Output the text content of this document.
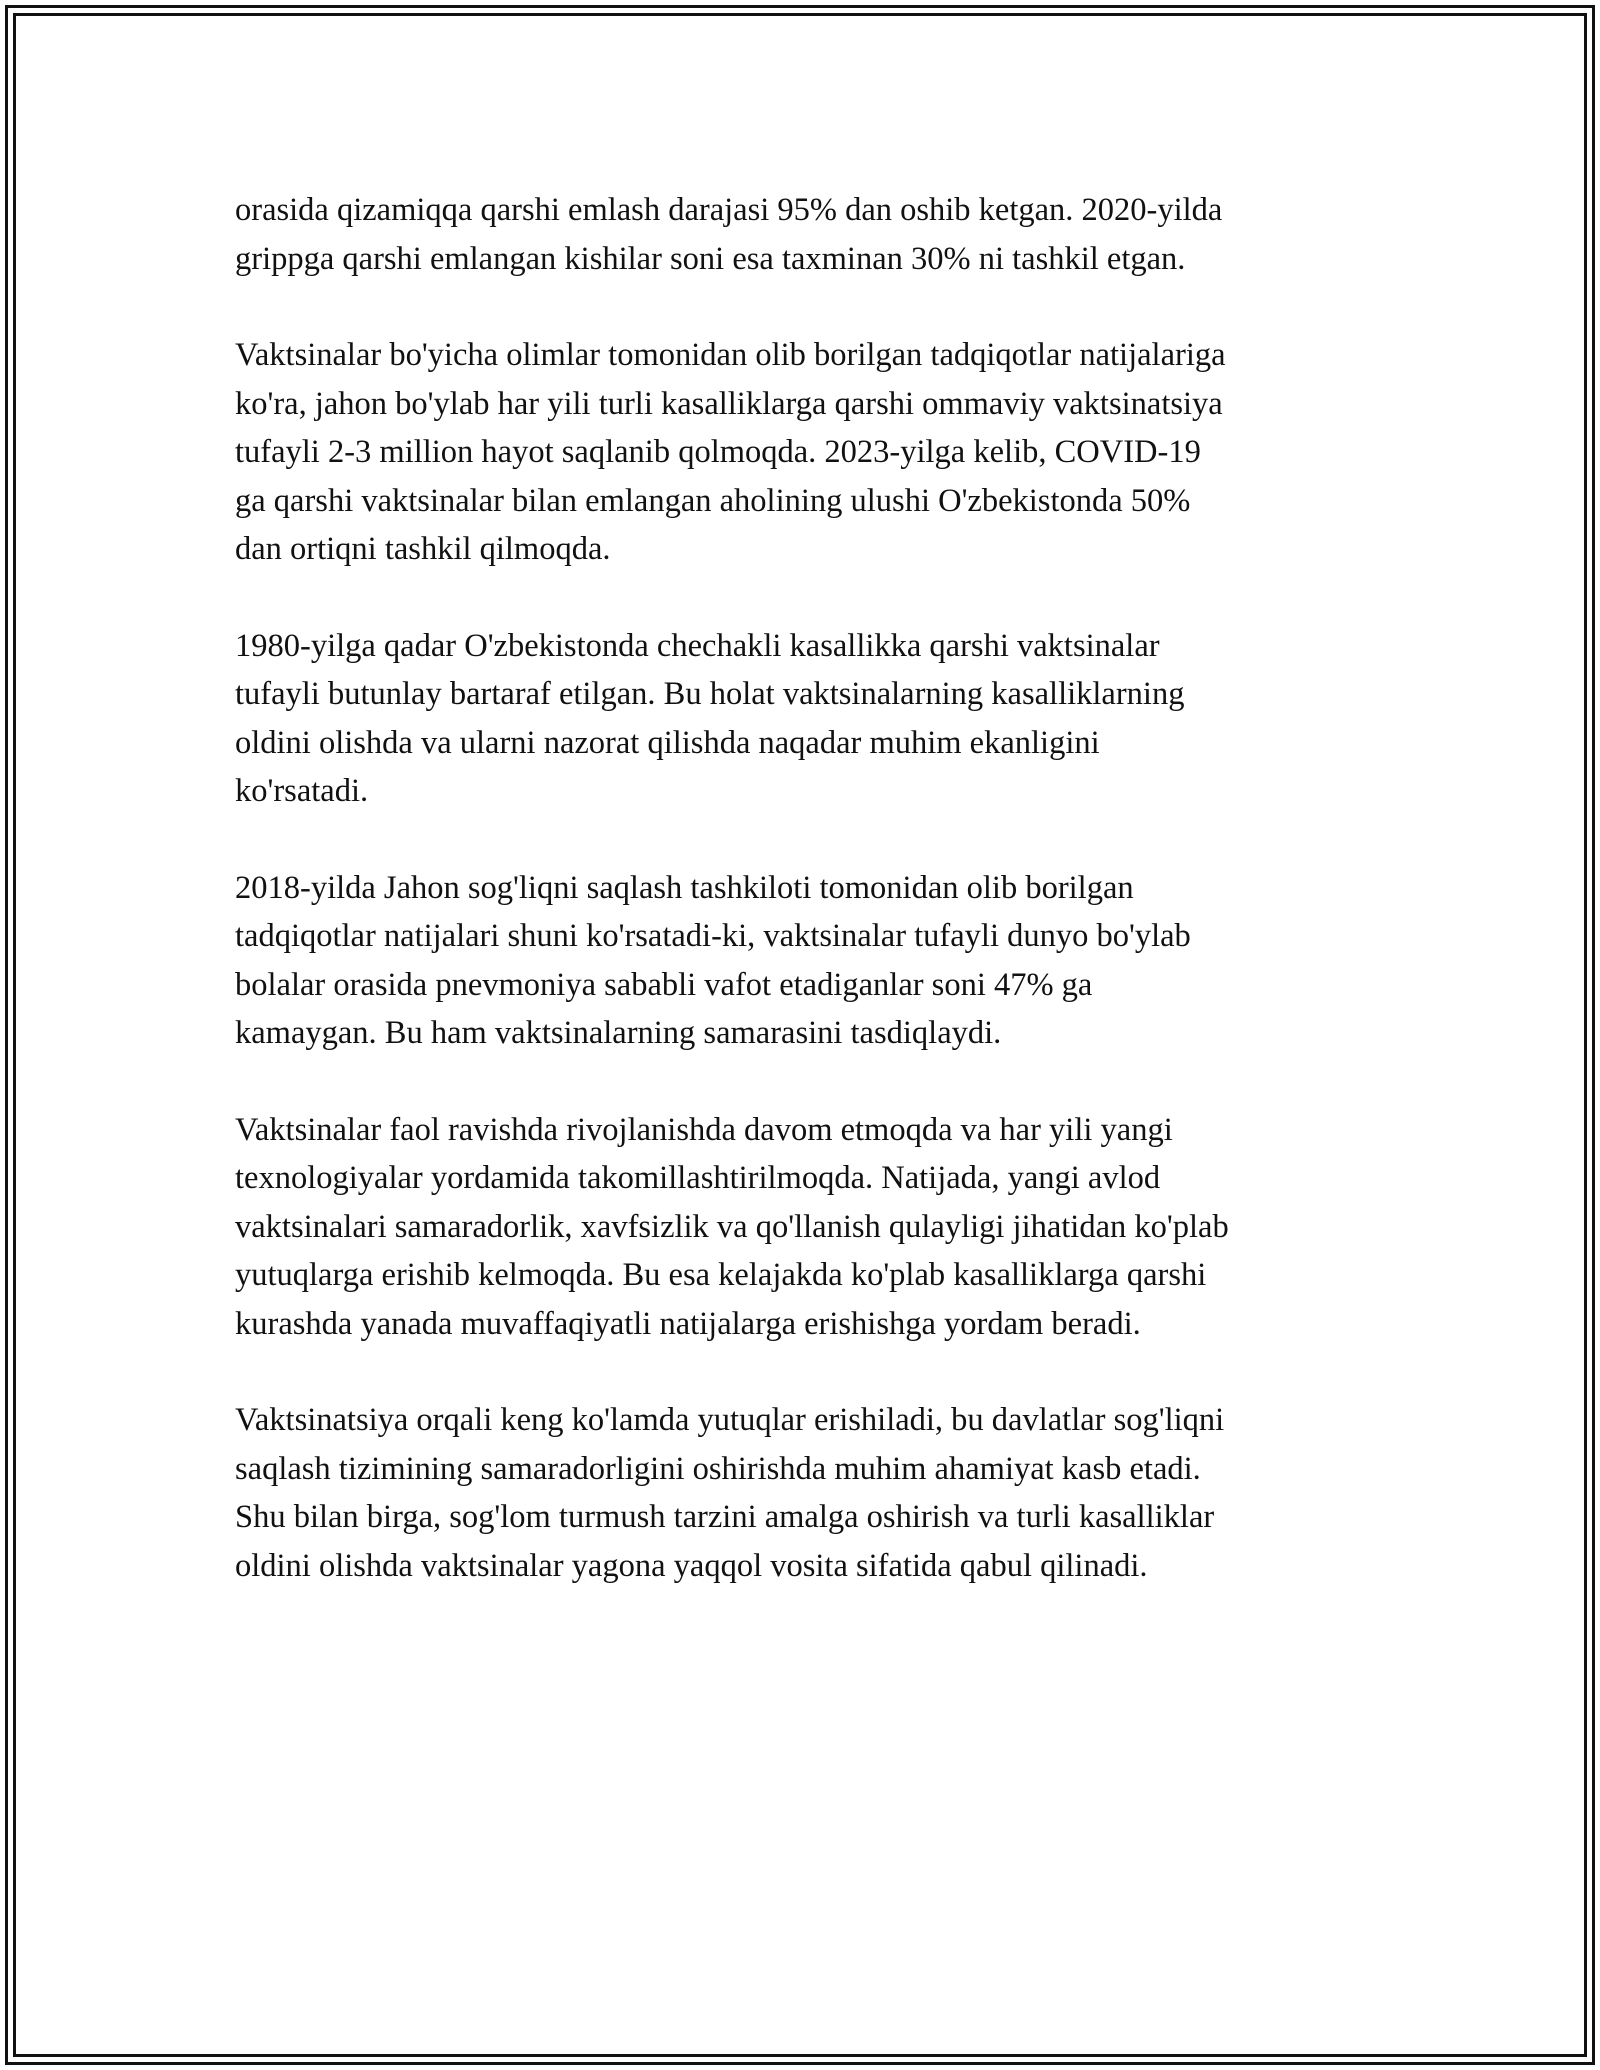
orasida qizamiqqa qarshi emlash darajasi 95% dan oshib ketgan. 2020-yilda
grippga qarshi emlangan kishilar soni esa taxminan 30% ni tashkil etgan.

Vaktsinalar bo'yicha olimlar tomonidan olib borilgan tadqiqotlar natijalariga
ko'ra, jahon bo'ylab har yili turli kasalliklarga qarshi ommaviy vaktsinatsiya
tufayli 2-3 million hayot saqlanib qolmoqda. 2023-yilga kelib, COVID-19
ga qarshi vaktsinalar bilan emlangan aholining ulushi O'zbekistonda 50%
dan ortiqni tashkil qilmoqda.

1980-yilga qadar O'zbekistonda chechakli kasallikka qarshi vaktsinalar
tufayli butunlay bartaraf etilgan. Bu holat vaktsinalarning kasalliklarning
oldini olishda va ularni nazorat qilishda naqadar muhim ekanligini
ko'rsatadi.

2018-yilda Jahon sog'liqni saqlash tashkiloti tomonidan olib borilgan
tadqiqotlar natijalari shuni ko'rsatadi-ki, vaktsinalar tufayli dunyo bo'ylab
bolalar orasida pnevmoniya sababli vafot etadiganlar soni 47% ga
kamaygan. Bu ham vaktsinalarning samarasini tasdiqlaydi.

Vaktsinalar faol ravishda rivojlanishda davom etmoqda va har yili yangi
texnologiyalar yordamida takomillashtirilmoqda. Natijada, yangi avlod
vaktsinalari samaradorlik, xavfsizlik va qo'llanish qulayligi jihatidan ko'plab
yutuqlarga erishib kelmoqda. Bu esa kelajakda ko'plab kasalliklarga qarshi
kurashda yanada muvaffaqiyatli natijalarga erishishga yordam beradi.

Vaktsinatsiya orqali keng ko'lamda yutuqlar erishiladi, bu davlatlar sog'liqni
saqlash tizimining samaradorligini oshirishda muhim ahamiyat kasb etadi.
Shu bilan birga, sog'lom turmush tarzini amalga oshirish va turli kasalliklar
oldini olishda vaktsinalar yagona yaqqol vosita sifatida qabul qilinadi.
